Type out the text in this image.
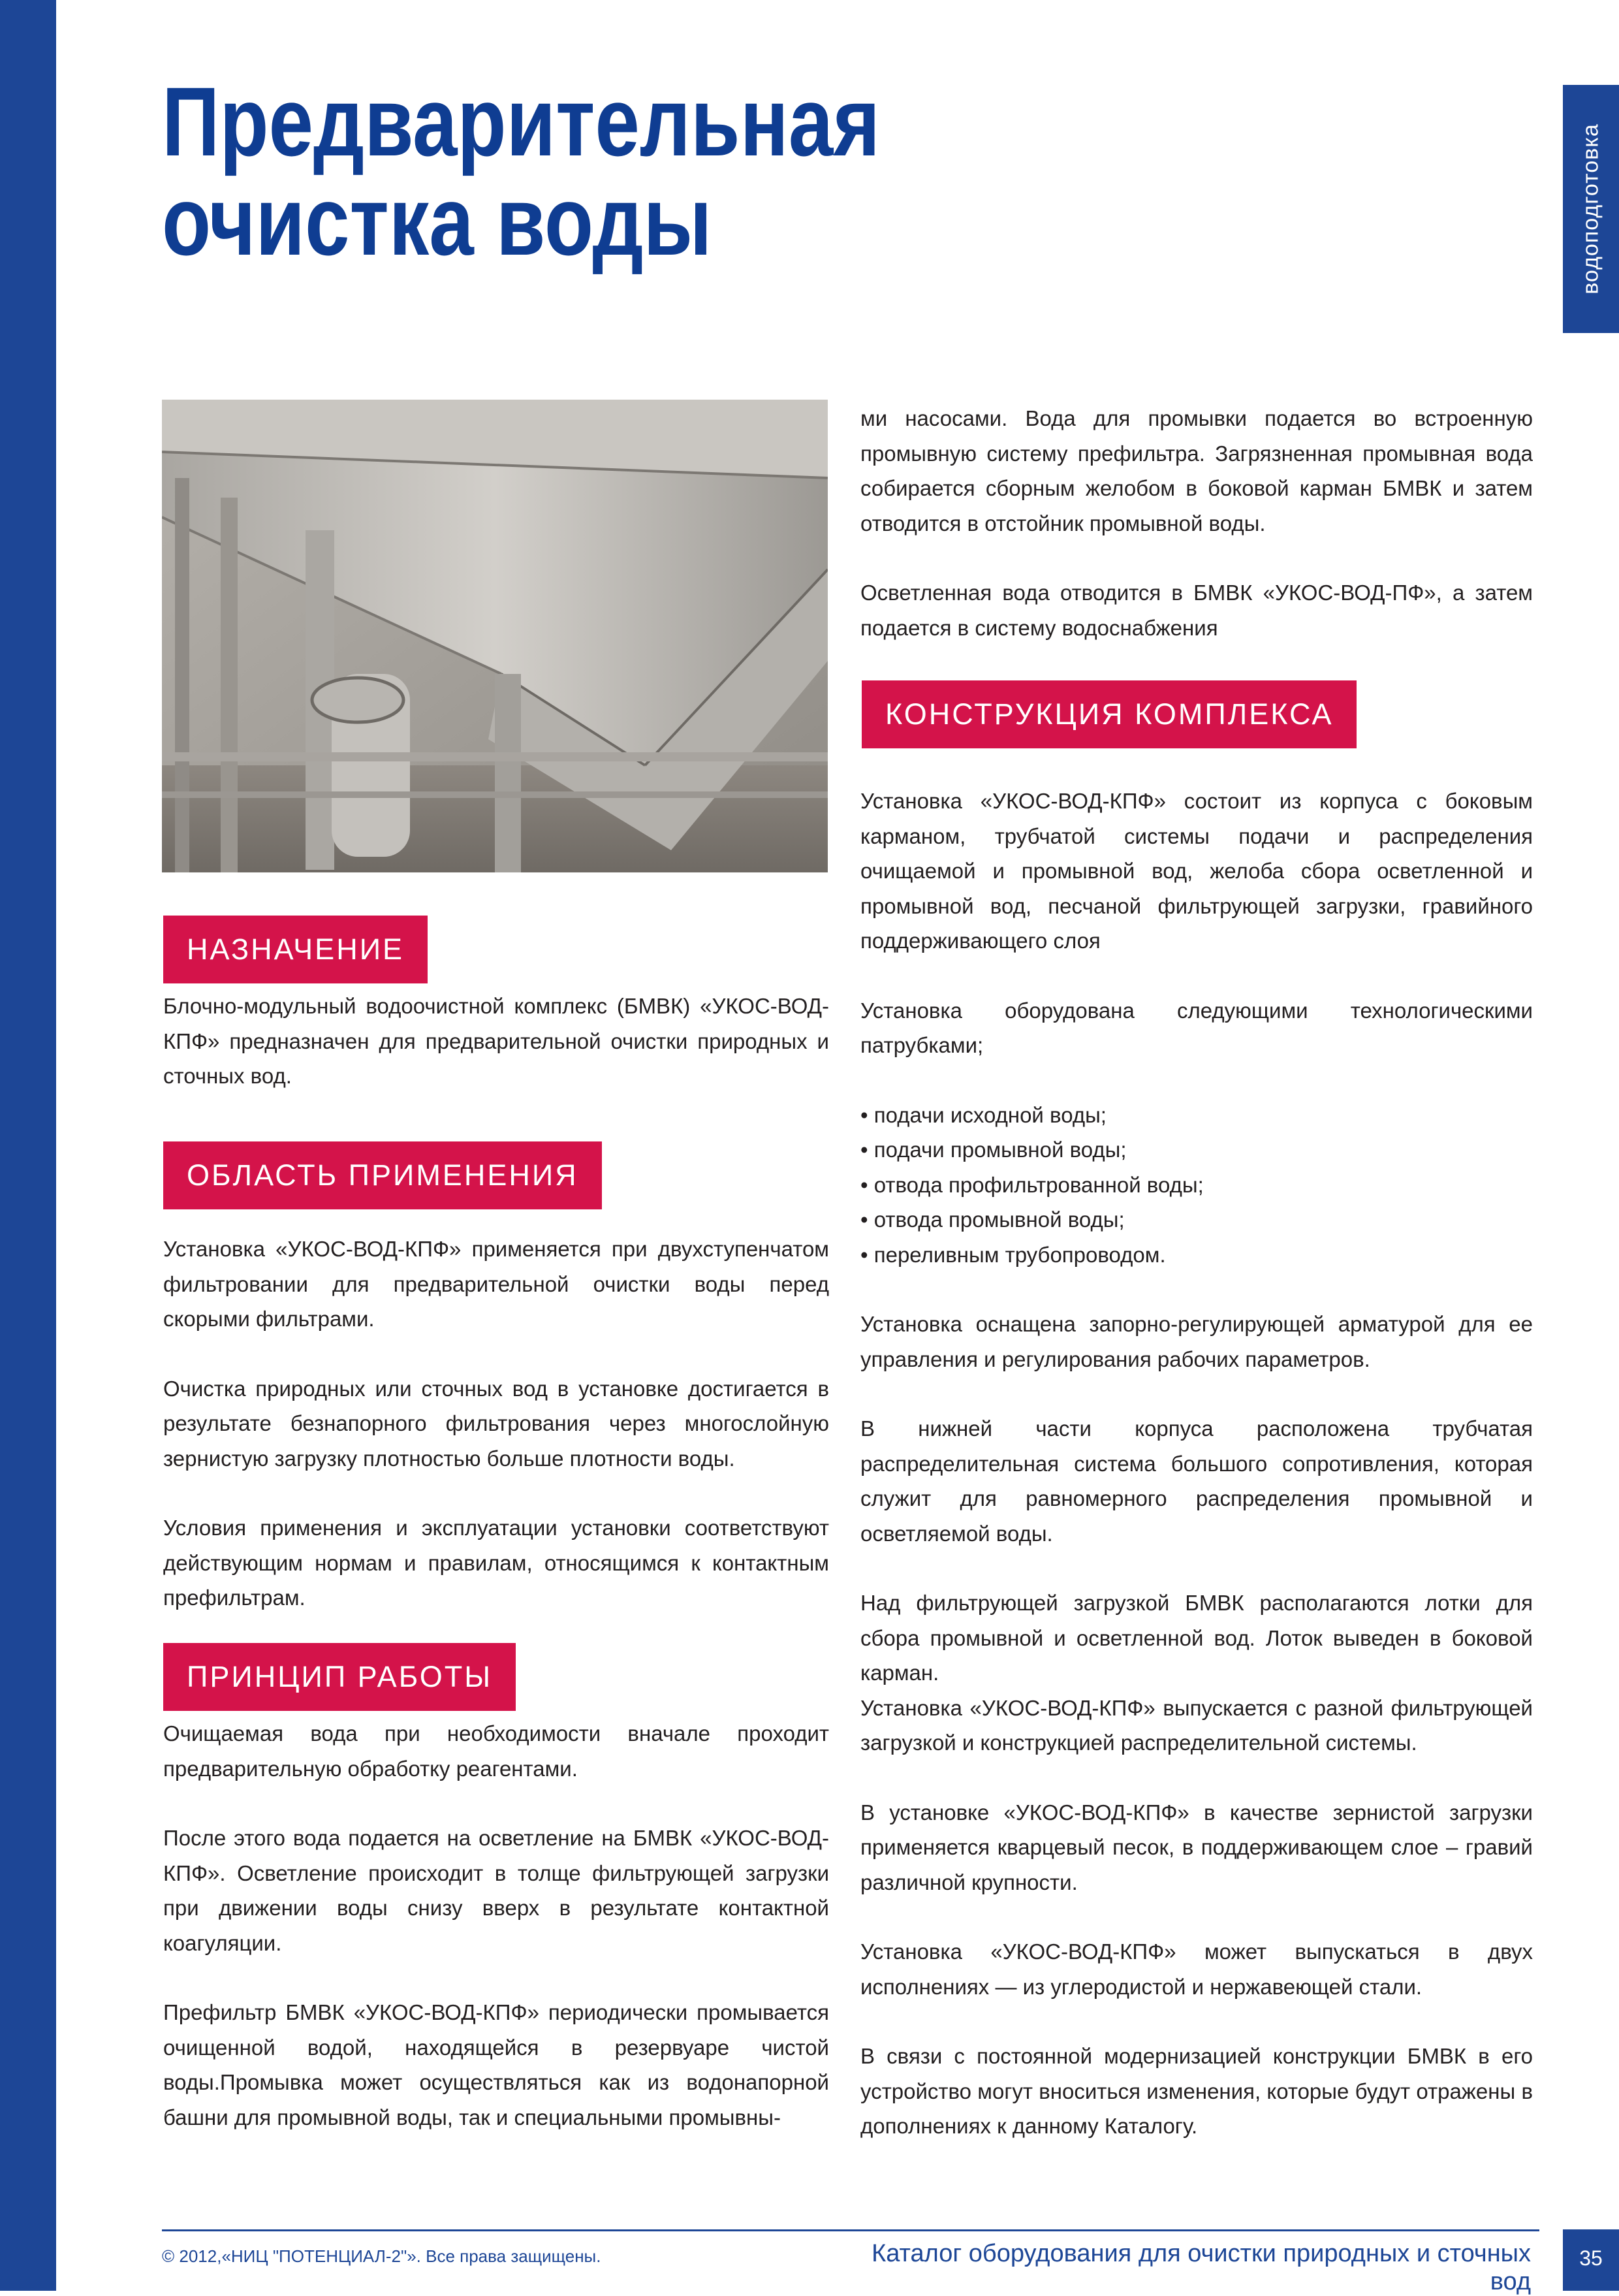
водоподготовка
Предварительная
очистка воды
НАЗНАЧЕНИЕ

Блочно-модульный водоочистной комплекс (БМВК) «УКОС-ВОД-КПФ» предназначен для предварительной очистки природных и сточных вод.

ОБЛАСТЬ ПРИМЕНЕНИЯ

Установка «УКОС-ВОД-КПФ» применяется при двухступенчатом фильтровании для предварительной очистки воды перед скорыми фильтрами.

Очистка природных или сточных вод в установке достигается в результате безнапорного фильтрования через многослойную зернистую загрузку плотностью больше плотности воды.

Условия применения и эксплуатации установки соответствуют действующим нормам и правилам, относящимся к контактным префильтрам.

ПРИНЦИП РАБОТЫ

Очищаемая вода при необходимости вначале проходит предварительную обработку реагентами.

После этого вода подается на осветление на БМВК «УКОС-ВОД-КПФ». Осветление происходит в толще фильтрующей загрузки при движении воды снизу вверх в результате контактной коагуляции.

Префильтр БМВК «УКОС-ВОД-КПФ» периодически промывается очищенной водой, находящейся в резервуаре чистой воды.Промывка может осуществляться как из водонапорной башни для промывной воды, так и специальными промывны-

ми насосами. Вода для промывки подается во встроенную промывную систему префильтра. Загрязненная промывная вода собирается сборным желобом в боковой карман БМВК и затем отводится в отстойник промывной воды.

Осветленная вода отводится в БМВК «УКОС-ВОД-ПФ», а затем подается в систему водоснабжения

КОНСТРУКЦИЯ КОМПЛЕКСА

Установка «УКОС-ВОД-КПФ» состоит из корпуса с боковым карманом, трубчатой системы подачи и распределения очищаемой и промывной вод, желоба сбора осветленной и промывной вод, песчаной фильтрующей загрузки, гравийного поддерживающего слоя

Установка оборудована следующими технологическими патрубками;

• подачи исходной воды;
• подачи промывной воды;
• отвода профильтрованной воды;
• отвода промывной воды;
• переливным трубопроводом.

Установка оснащена запорно-регулирующей арматурой для ее управления и регулирования рабочих параметров.

В нижней части корпуса расположена трубчатая распределительная система большого сопротивления, которая служит для равномерного распределения промывной и осветляемой воды.

Над фильтрующей загрузкой БМВК располагаются лотки для сбора промывной и осветленной вод. Лоток выведен в боковой карман.

Установка «УКОС-ВОД-КПФ» выпускается с разной фильтрующей загрузкой и конструкцией распределительной системы.

В установке «УКОС-ВОД-КПФ» в качестве зернистой загрузки применяется кварцевый песок, в поддерживающем слое – гравий различной крупности.

Установка «УКОС-ВОД-КПФ» может выпускаться в двух исполнениях — из углеродистой и нержавеющей стали.

В связи с постоянной модернизацией конструкции БМВК в его устройство могут вноситься изменения, которые будут отражены в дополнениях к данному Каталогу.

© 2012,«НИЦ "ПОТЕНЦИАЛ-2"». Все права защищены.	Каталог оборудования для очистки природных и сточных вод
35
